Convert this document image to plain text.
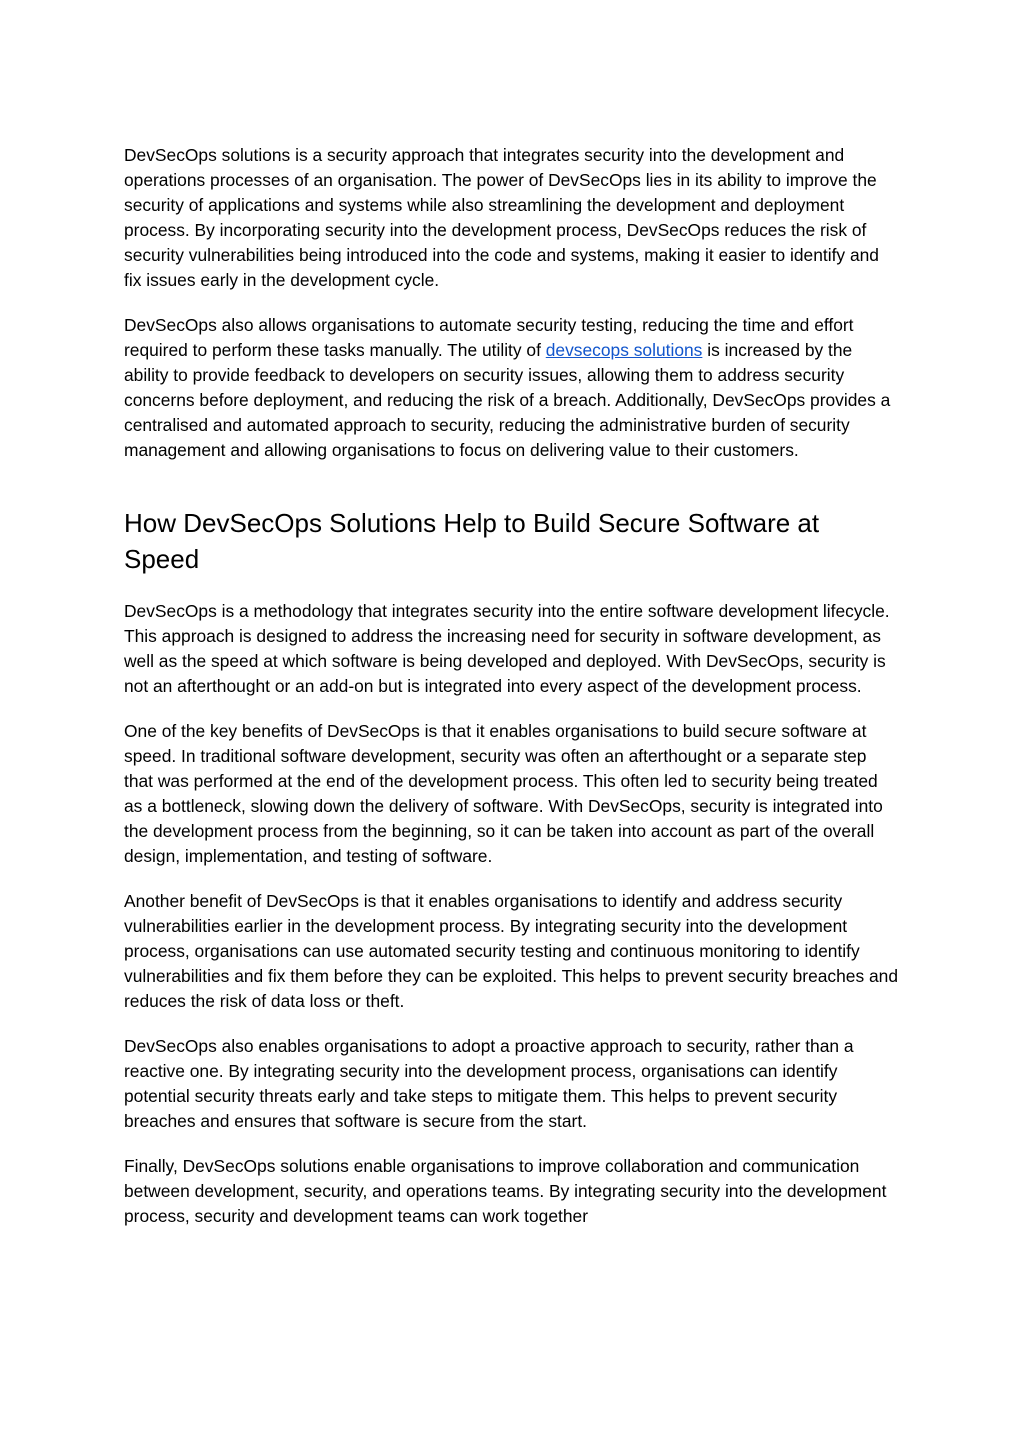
DevSecOps solutions is a security approach that integrates security into the development and operations processes of an organisation. The power of DevSecOps lies in its ability to improve the security of applications and systems while also streamlining the development and deployment process. By incorporating security into the development process, DevSecOps reduces the risk of security vulnerabilities being introduced into the code and systems, making it easier to identify and fix issues early in the development cycle.

DevSecOps also allows organisations to automate security testing, reducing the time and effort required to perform these tasks manually. The utility of devsecops solutions is increased by the ability to provide feedback to developers on security issues, allowing them to address security concerns before deployment, and reducing the risk of a breach. Additionally, DevSecOps provides a centralised and automated approach to security, reducing the administrative burden of security management and allowing organisations to focus on delivering value to their customers.

How DevSecOps Solutions Help to Build Secure Software at Speed

DevSecOps is a methodology that integrates security into the entire software development lifecycle. This approach is designed to address the increasing need for security in software development, as well as the speed at which software is being developed and deployed. With DevSecOps, security is not an afterthought or an add-on but is integrated into every aspect of the development process.

One of the key benefits of DevSecOps is that it enables organisations to build secure software at speed. In traditional software development, security was often an afterthought or a separate step that was performed at the end of the development process. This often led to security being treated as a bottleneck, slowing down the delivery of software. With DevSecOps, security is integrated into the development process from the beginning, so it can be taken into account as part of the overall design, implementation, and testing of software.

Another benefit of DevSecOps is that it enables organisations to identify and address security vulnerabilities earlier in the development process. By integrating security into the development process, organisations can use automated security testing and continuous monitoring to identify vulnerabilities and fix them before they can be exploited. This helps to prevent security breaches and reduces the risk of data loss or theft.

DevSecOps also enables organisations to adopt a proactive approach to security, rather than a reactive one. By integrating security into the development process, organisations can identify potential security threats early and take steps to mitigate them. This helps to prevent security breaches and ensures that software is secure from the start.

Finally, DevSecOps solutions enable organisations to improve collaboration and communication between development, security, and operations teams. By integrating security into the development process, security and development teams can work together
